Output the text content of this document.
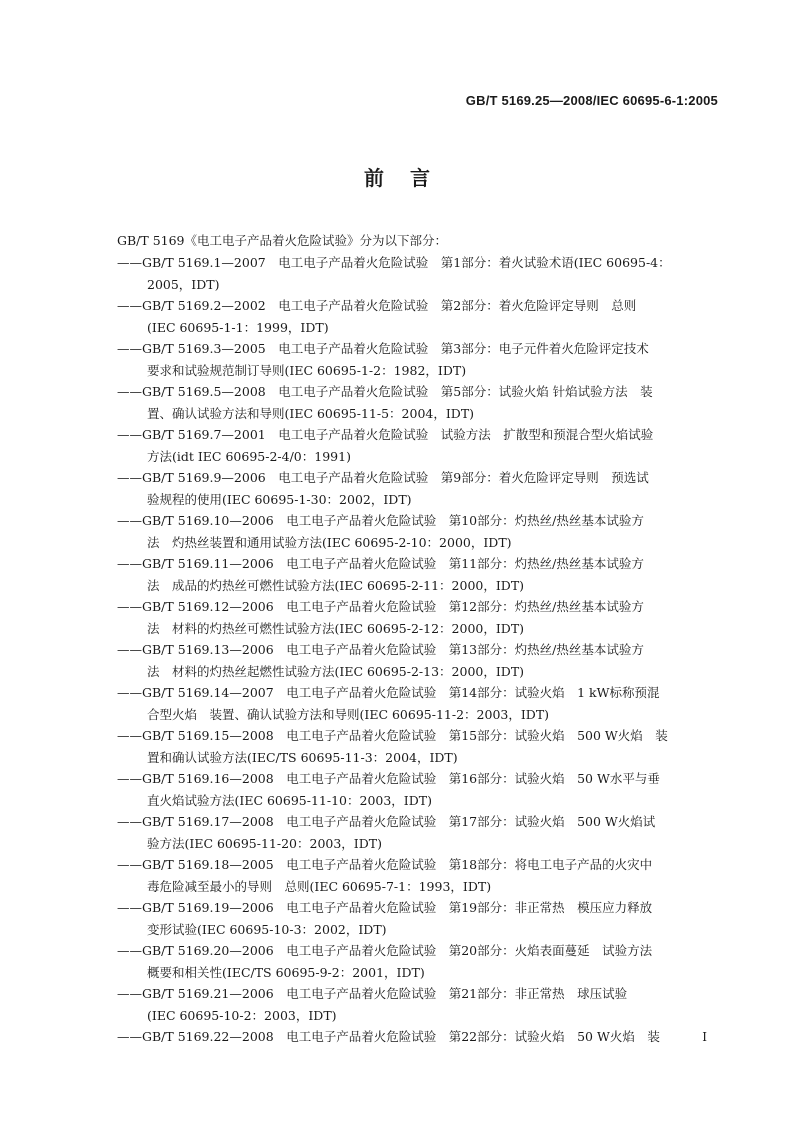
GB/T 5169.25—2008/IEC 60695-6-1:2005
前言
GB/T 5169《电工电子产品着火危险试验》分为以下部分：
——GB/T 5169.1—2007　电工电子产品着火危险试验　第1部分：着火试验术语(IEC 60695-4：
2005，IDT)
——GB/T 5169.2—2002　电工电子产品着火危险试验　第2部分：着火危险评定导则　总则
(IEC 60695-1-1：1999，IDT)
——GB/T 5169.3—2005　电工电子产品着火危险试验　第3部分：电子元件着火危险评定技术
要求和试验规范制订导则(IEC 60695-1-2：1982，IDT)
——GB/T 5169.5—2008　电工电子产品着火危险试验　第5部分：试验火焰 针焰试验方法　装
置、确认试验方法和导则(IEC 60695-11-5：2004，IDT)
——GB/T 5169.7—2001　电工电子产品着火危险试验　试验方法　扩散型和预混合型火焰试验
方法(idt IEC 60695-2-4/0：1991)
——GB/T 5169.9—2006　电工电子产品着火危险试验　第9部分：着火危险评定导则　预选试
验规程的使用(IEC 60695-1-30：2002，IDT)
——GB/T 5169.10—2006　电工电子产品着火危险试验　第10部分：灼热丝/热丝基本试验方
法　灼热丝装置和通用试验方法(IEC 60695-2-10：2000，IDT)
——GB/T 5169.11—2006　电工电子产品着火危险试验　第11部分：灼热丝/热丝基本试验方
法　成品的灼热丝可燃性试验方法(IEC 60695-2-11：2000，IDT)
——GB/T 5169.12—2006　电工电子产品着火危险试验　第12部分：灼热丝/热丝基本试验方
法　材料的灼热丝可燃性试验方法(IEC 60695-2-12：2000，IDT)
——GB/T 5169.13—2006　电工电子产品着火危险试验　第13部分：灼热丝/热丝基本试验方
法　材料的灼热丝起燃性试验方法(IEC 60695-2-13：2000，IDT)
——GB/T 5169.14—2007　电工电子产品着火危险试验　第14部分：试验火焰　1 kW标称预混
合型火焰　装置、确认试验方法和导则(IEC 60695-11-2：2003，IDT)
——GB/T 5169.15—2008　电工电子产品着火危险试验　第15部分：试验火焰　500 W火焰　装
置和确认试验方法(IEC/TS 60695-11-3：2004，IDT)
——GB/T 5169.16—2008　电工电子产品着火危险试验　第16部分：试验火焰　50 W水平与垂
直火焰试验方法(IEC 60695-11-10：2003，IDT)
——GB/T 5169.17—2008　电工电子产品着火危险试验　第17部分：试验火焰　500 W火焰试
验方法(IEC 60695-11-20：2003，IDT)
——GB/T 5169.18—2005　电工电子产品着火危险试验　第18部分：将电工电子产品的火灾中
毒危险减至最小的导则　总则(IEC 60695-7-1：1993，IDT)
——GB/T 5169.19—2006　电工电子产品着火危险试验　第19部分：非正常热　模压应力释放
变形试验(IEC 60695-10-3：2002，IDT)
——GB/T 5169.20—2006　电工电子产品着火危险试验　第20部分：火焰表面蔓延　试验方法
概要和相关性(IEC/TS 60695-9-2：2001，IDT)
——GB/T 5169.21—2006　电工电子产品着火危险试验　第21部分：非正常热　球压试验
(IEC 60695-10-2：2003，IDT)
——GB/T 5169.22—2008　电工电子产品着火危险试验　第22部分：试验火焰　50 W火焰　装	Ⅰ
